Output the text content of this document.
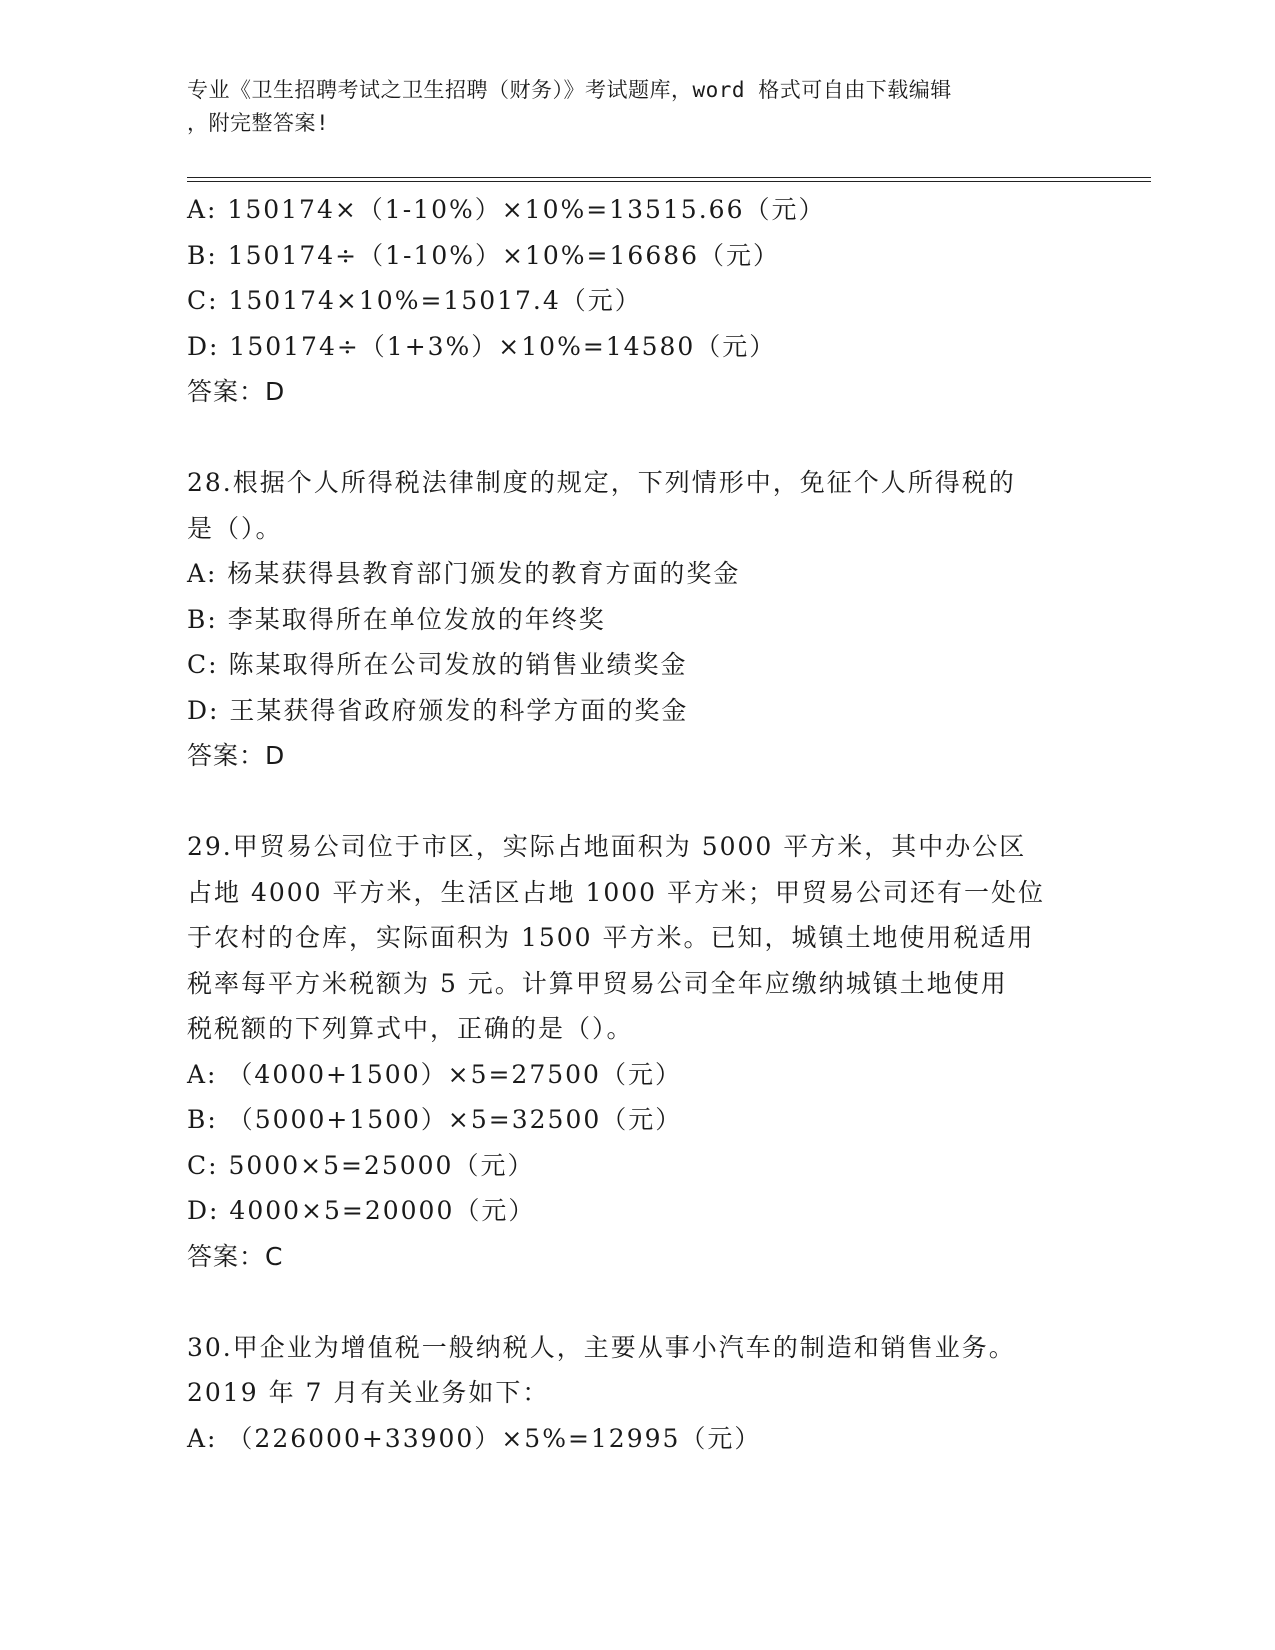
专业《卫生招聘考试之卫生招聘（财务）》考试题库，word 格式可自由下载编辑
，附完整答案!

A: 150174×（1-10%）×10%=13515.66（元）

B: 150174÷（1-10%）×10%=16686（元）

C: 150174×10%=15017.4（元）

D: 150174÷（1+3%）×10%=14580（元）

答案：D

28.根据个人所得税法律制度的规定，下列情形中，免征个人所得税的

是（）。

A: 杨某获得县教育部门颁发的教育方面的奖金

B: 李某取得所在单位发放的年终奖

C: 陈某取得所在公司发放的销售业绩奖金

D: 王某获得省政府颁发的科学方面的奖金

答案：D

29.甲贸易公司位于市区，实际占地面积为 5000 平方米，其中办公区

占地 4000 平方米，生活区占地 1000 平方米；甲贸易公司还有一处位

于农村的仓库，实际面积为 1500 平方米。已知，城镇土地使用税适用

税率每平方米税额为 5 元。计算甲贸易公司全年应缴纳城镇土地使用

税税额的下列算式中，正确的是（）。

A: （4000+1500）×5=27500（元）

B: （5000+1500）×5=32500（元）

C: 5000×5=25000（元）

D: 4000×5=20000（元）

答案：C

30.甲企业为增值税一般纳税人，主要从事小汽车的制造和销售业务。

2019 年 7 月有关业务如下：

A: （226000+33900）×5%=12995（元）
